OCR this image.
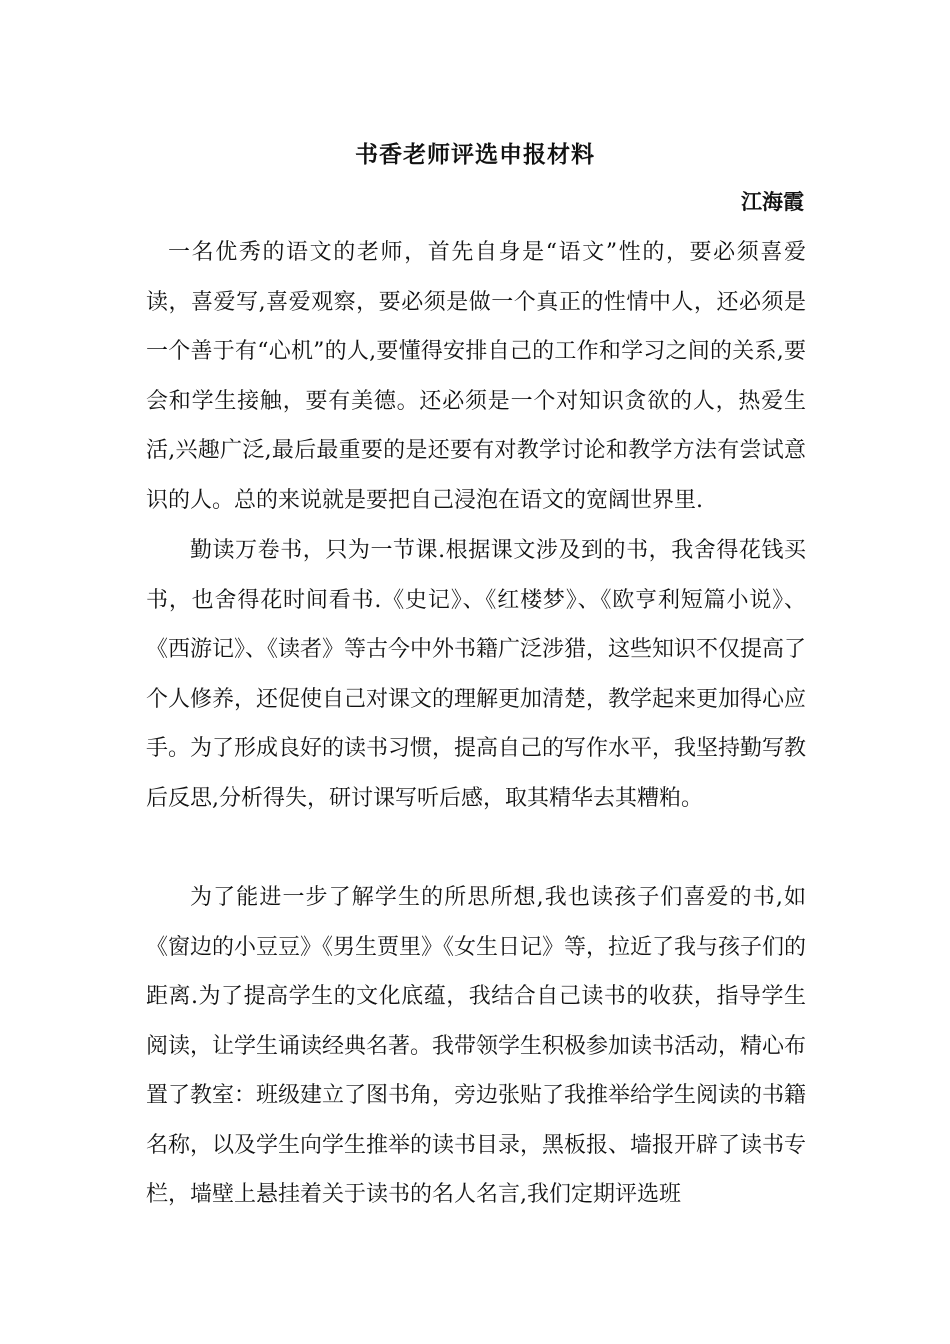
书香老师评选申报材料
江海霞

一名优秀的语文的老师，首先自身是“语文”性的，要必须喜爱读，喜爱写,喜爱观察，要必须是做一个真正的性情中人，还必须是一个善于有“心机”的人,要懂得安排自己的工作和学习之间的关系,要会和学生接触，要有美德。还必须是一个对知识贪欲的人，热爱生活,兴趣广泛,最后最重要的是还要有对教学讨论和教学方法有尝试意识的人。总的来说就是要把自己浸泡在语文的宽阔世界里.

勤读万卷书，只为一节课.根据课文涉及到的书，我舍得花钱买书，也舍得花时间看书.《史记》、《红楼梦》、《欧亨利短篇小说》、《西游记》、《读者》等古今中外书籍广泛涉猎，这些知识不仅提高了个人修养，还促使自己对课文的理解更加清楚，教学起来更加得心应手。为了形成良好的读书习惯，提高自己的写作水平，我坚持勤写教后反思,分析得失，研讨课写听后感，取其精华去其糟粕。

为了能进一步了解学生的所思所想,我也读孩子们喜爱的书,如《窗边的小豆豆》《男生贾里》《女生日记》等，拉近了我与孩子们的距离.为了提高学生的文化底蕴，我结合自己读书的收获，指导学生阅读，让学生诵读经典名著。我带领学生积极参加读书活动，精心布置了教室：班级建立了图书角，旁边张贴了我推举给学生阅读的书籍名称，以及学生向学生推举的读书目录，黑板报、墙报开辟了读书专栏，墙壁上悬挂着关于读书的名人名言,我们定期评选班
